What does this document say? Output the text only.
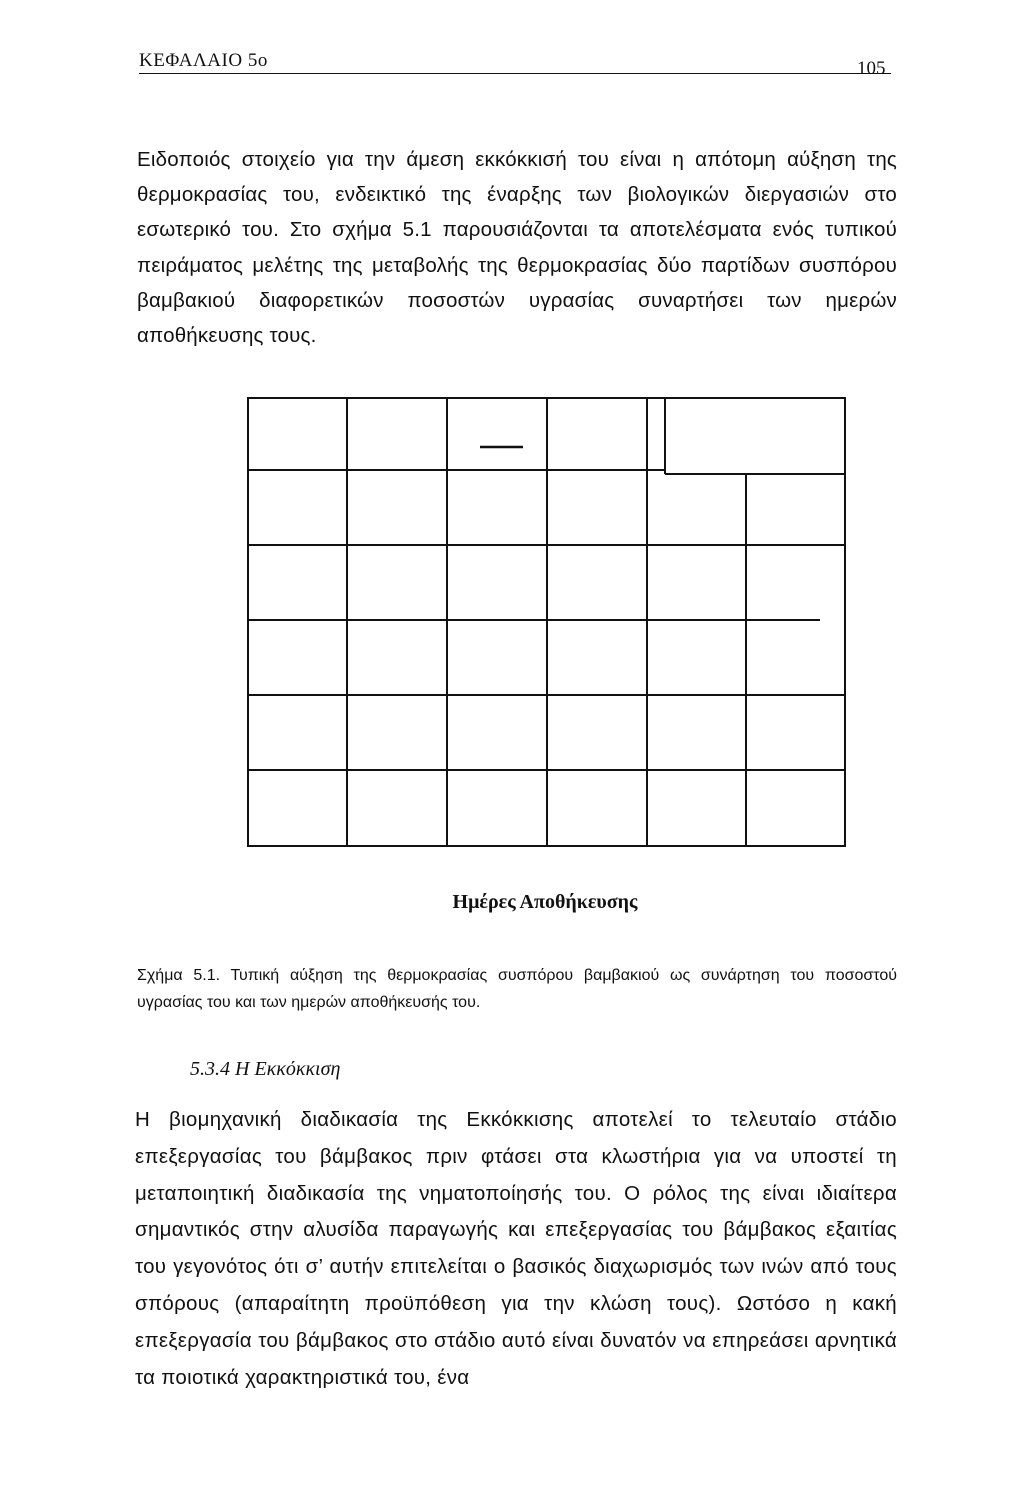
ΚΕΦΑΛΑΙΟ 5ο	105
Ειδοποιός στοιχείο για την άμεση εκκόκκισή του είναι η απότομη αύξηση της θερμοκρασίας του, ενδεικτικό της έναρξης των βιολογικών διεργασιών στο εσωτερικό του. Στο σχήμα 5.1 παρουσιάζονται τα αποτελέσματα ενός τυπικού πειράματος μελέτης της μεταβολής της θερμοκρασίας δύο παρτίδων συσπόρου βαμβακιού διαφορετικών ποσοστών υγρασίας συναρτήσει των ημερών αποθήκευσης τους.
Ημέρες Αποθήκευσης
Σχήμα 5.1. Τυπική αύξηση της θερμοκρασίας συσπόρου βαμβακιού ως συνάρτηση του ποσοστού υγρασίας του και των ημερών αποθήκευσής του.
5.3.4 Η Εκκόκκιση
Η βιομηχανική διαδικασία της Εκκόκκισης αποτελεί το τελευταίο στάδιο επεξεργασίας του βάμβακος πριν φτάσει στα κλωστήρια για να υποστεί τη μεταποιητική διαδικασία της νηματοποίησής του. Ο ρόλος της είναι ιδιαίτερα σημαντικός στην αλυσίδα παραγωγής και επεξεργασίας του βάμβακος εξαιτίας του γεγονότος ότι σ’ αυτήν επιτελείται ο βασικός διαχωρισμός των ινών από τους σπόρους (απαραίτητη προϋπόθεση για την κλώση τους). Ωστόσο η κακή επεξεργασία του βάμβακος στο στάδιο αυτό είναι δυνατόν να επηρεάσει αρνητικά τα ποιοτικά χαρακτηριστικά του, ένα
